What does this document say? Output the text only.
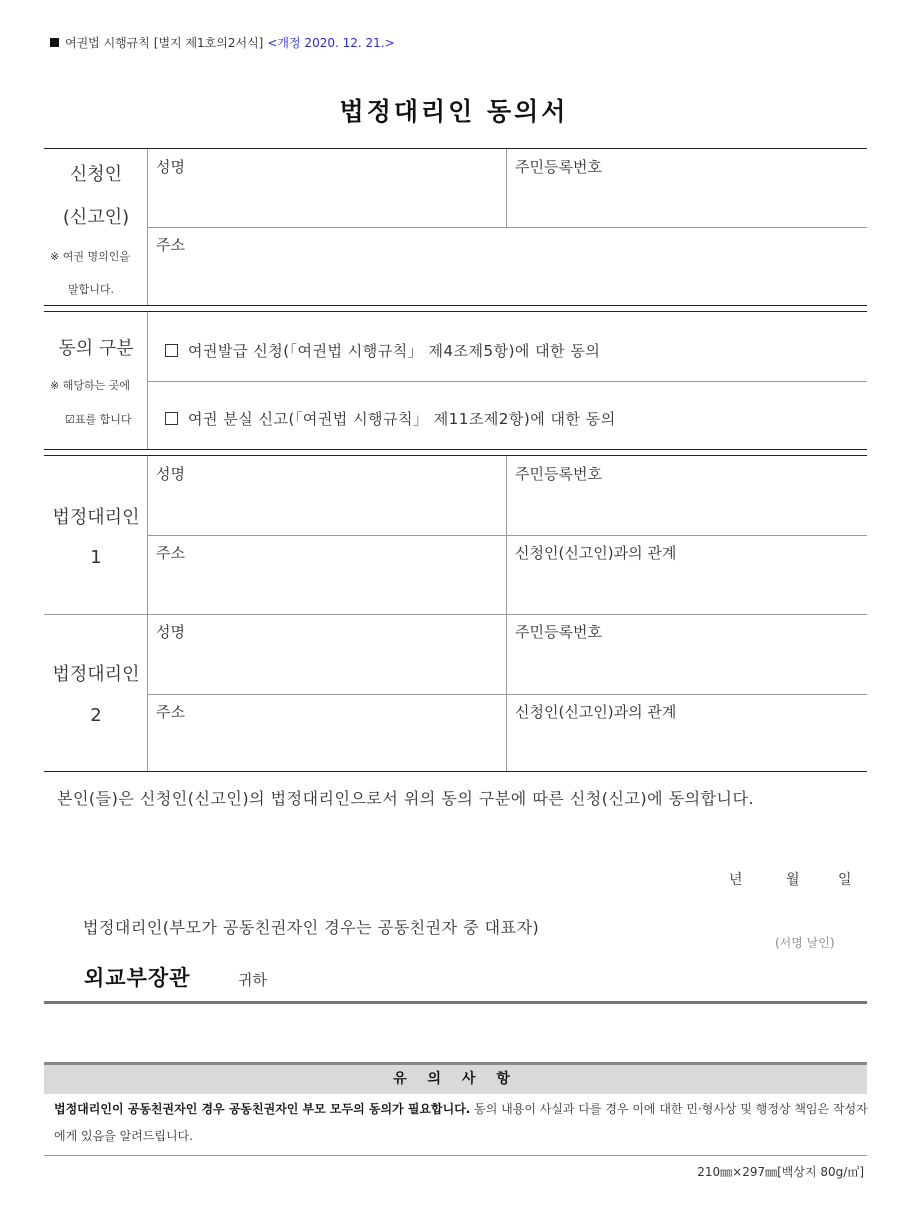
여권법 시행규칙 [별지 제1호의2서식] <개정 2020. 12. 21.>
법정대리인 동의서
신청인
(신고인)
※ 여권 명의인을
말합니다.
성명	주민등록번호
주소
동의 구분
※ 해당하는 곳에
☑표를 합니다
여권발급 신청(「여권법 시행규칙」 제4조제5항)에 대한 동의
여권 분실 신고(「여권법 시행규칙」 제11조제2항)에 대한 동의
법정대리인
1
성명	주민등록번호
주소	신청인(신고인)과의 관계
법정대리인
2
성명	주민등록번호
주소	신청인(신고인)과의 관계
본인(들)은 신청인(신고인)의 법정대리인으로서 위의 동의 구분에 따른 신청(신고)에 동의합니다.
년	월	일
법정대리인(부모가 공동친권자인 경우는 공동친권자 중 대표자)
(서명 날인)
외교부장관	귀하
유 의 사 항
법정대리인이 공동친권자인 경우 공동친권자인 부모 모두의 동의가 필요합니다. 동의 내용이 사실과 다를 경우 이에 대한 민·형사상 및 행정상 책임은 작성자에게 있음을 알려드립니다.
210㎜×297㎜[백상지 80g/㎡]
